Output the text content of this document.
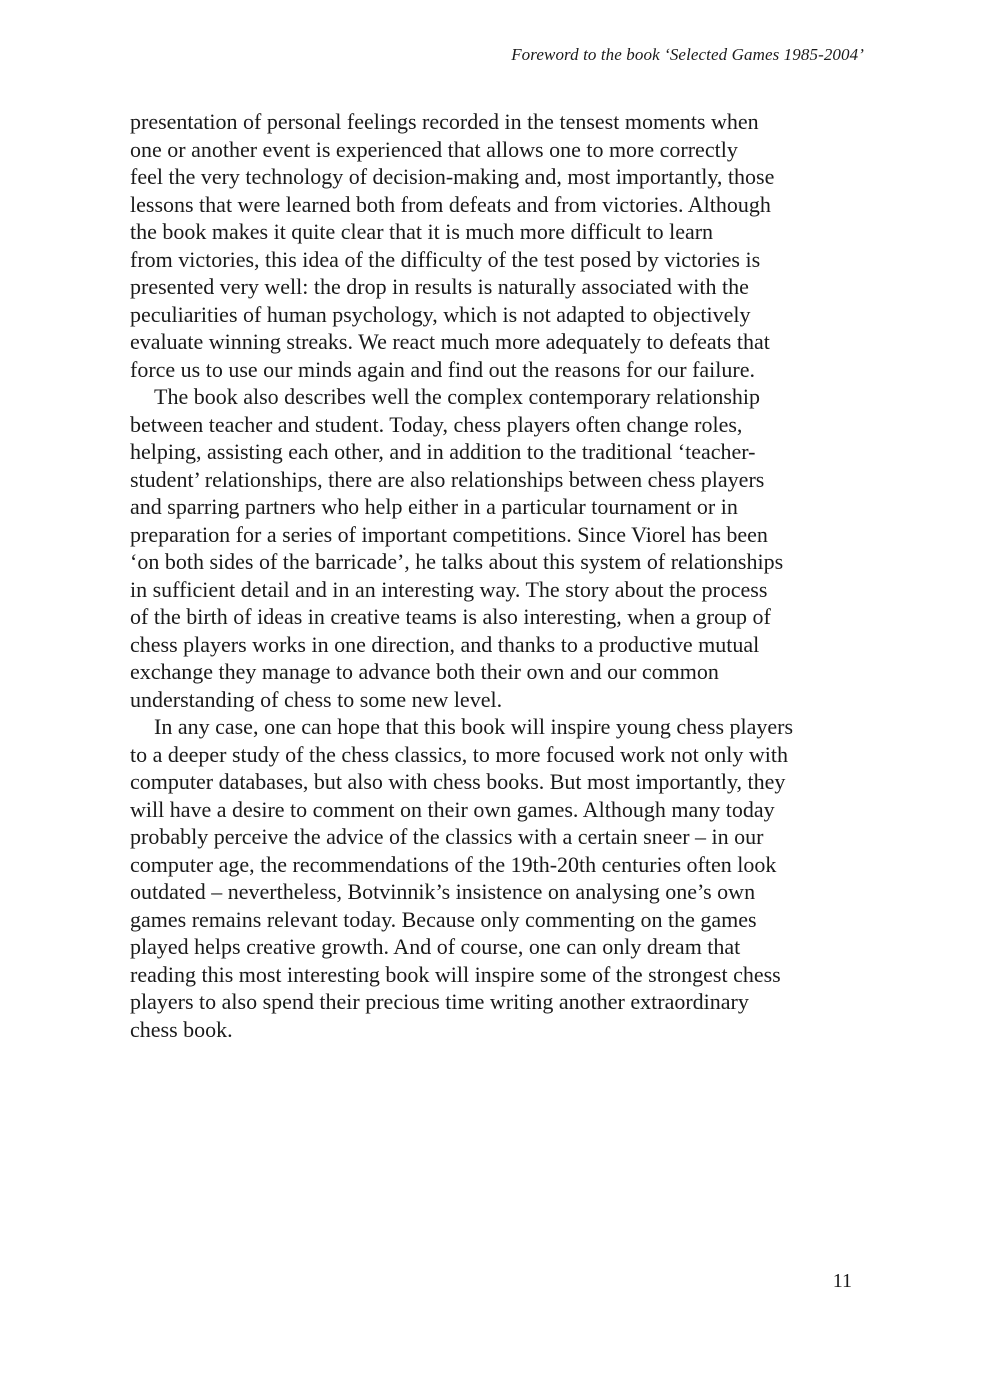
Foreword to the book ‘Selected Games 1985-2004’

presentation of personal feelings recorded in the tensest moments when
one or another event is experienced that allows one to more correctly
feel the very technology of decision-making and, most importantly, those
lessons that were learned both from defeats and from victories. Although
the book makes it quite clear that it is much more difficult to learn
from victories, this idea of the difficulty of the test posed by victories is
presented very well: the drop in results is naturally associated with the
peculiarities of human psychology, which is not adapted to objectively
evaluate winning streaks. We react much more adequately to defeats that
force us to use our minds again and find out the reasons for our failure.

The book also describes well the complex contemporary relationship
between teacher and student. Today, chess players often change roles,
helping, assisting each other, and in addition to the traditional ‘teacher-
student’ relationships, there are also relationships between chess players
and sparring partners who help either in a particular tournament or in
preparation for a series of important competitions. Since Viorel has been
‘on both sides of the barricade’, he talks about this system of relationships
in sufficient detail and in an interesting way. The story about the process
of the birth of ideas in creative teams is also interesting, when a group of
chess players works in one direction, and thanks to a productive mutual
exchange they manage to advance both their own and our common
understanding of chess to some new level.

In any case, one can hope that this book will inspire young chess players
to a deeper study of the chess classics, to more focused work not only with
computer databases, but also with chess books. But most importantly, they
will have a desire to comment on their own games. Although many today
probably perceive the advice of the classics with a certain sneer – in our
computer age, the recommendations of the 19th-20th centuries often look
outdated – nevertheless, Botvinnik’s insistence on analysing one’s own
games remains relevant today. Because only commenting on the games
played helps creative growth. And of course, one can only dream that
reading this most interesting book will inspire some of the strongest chess
players to also spend their precious time writing another extraordinary
chess book.

11
